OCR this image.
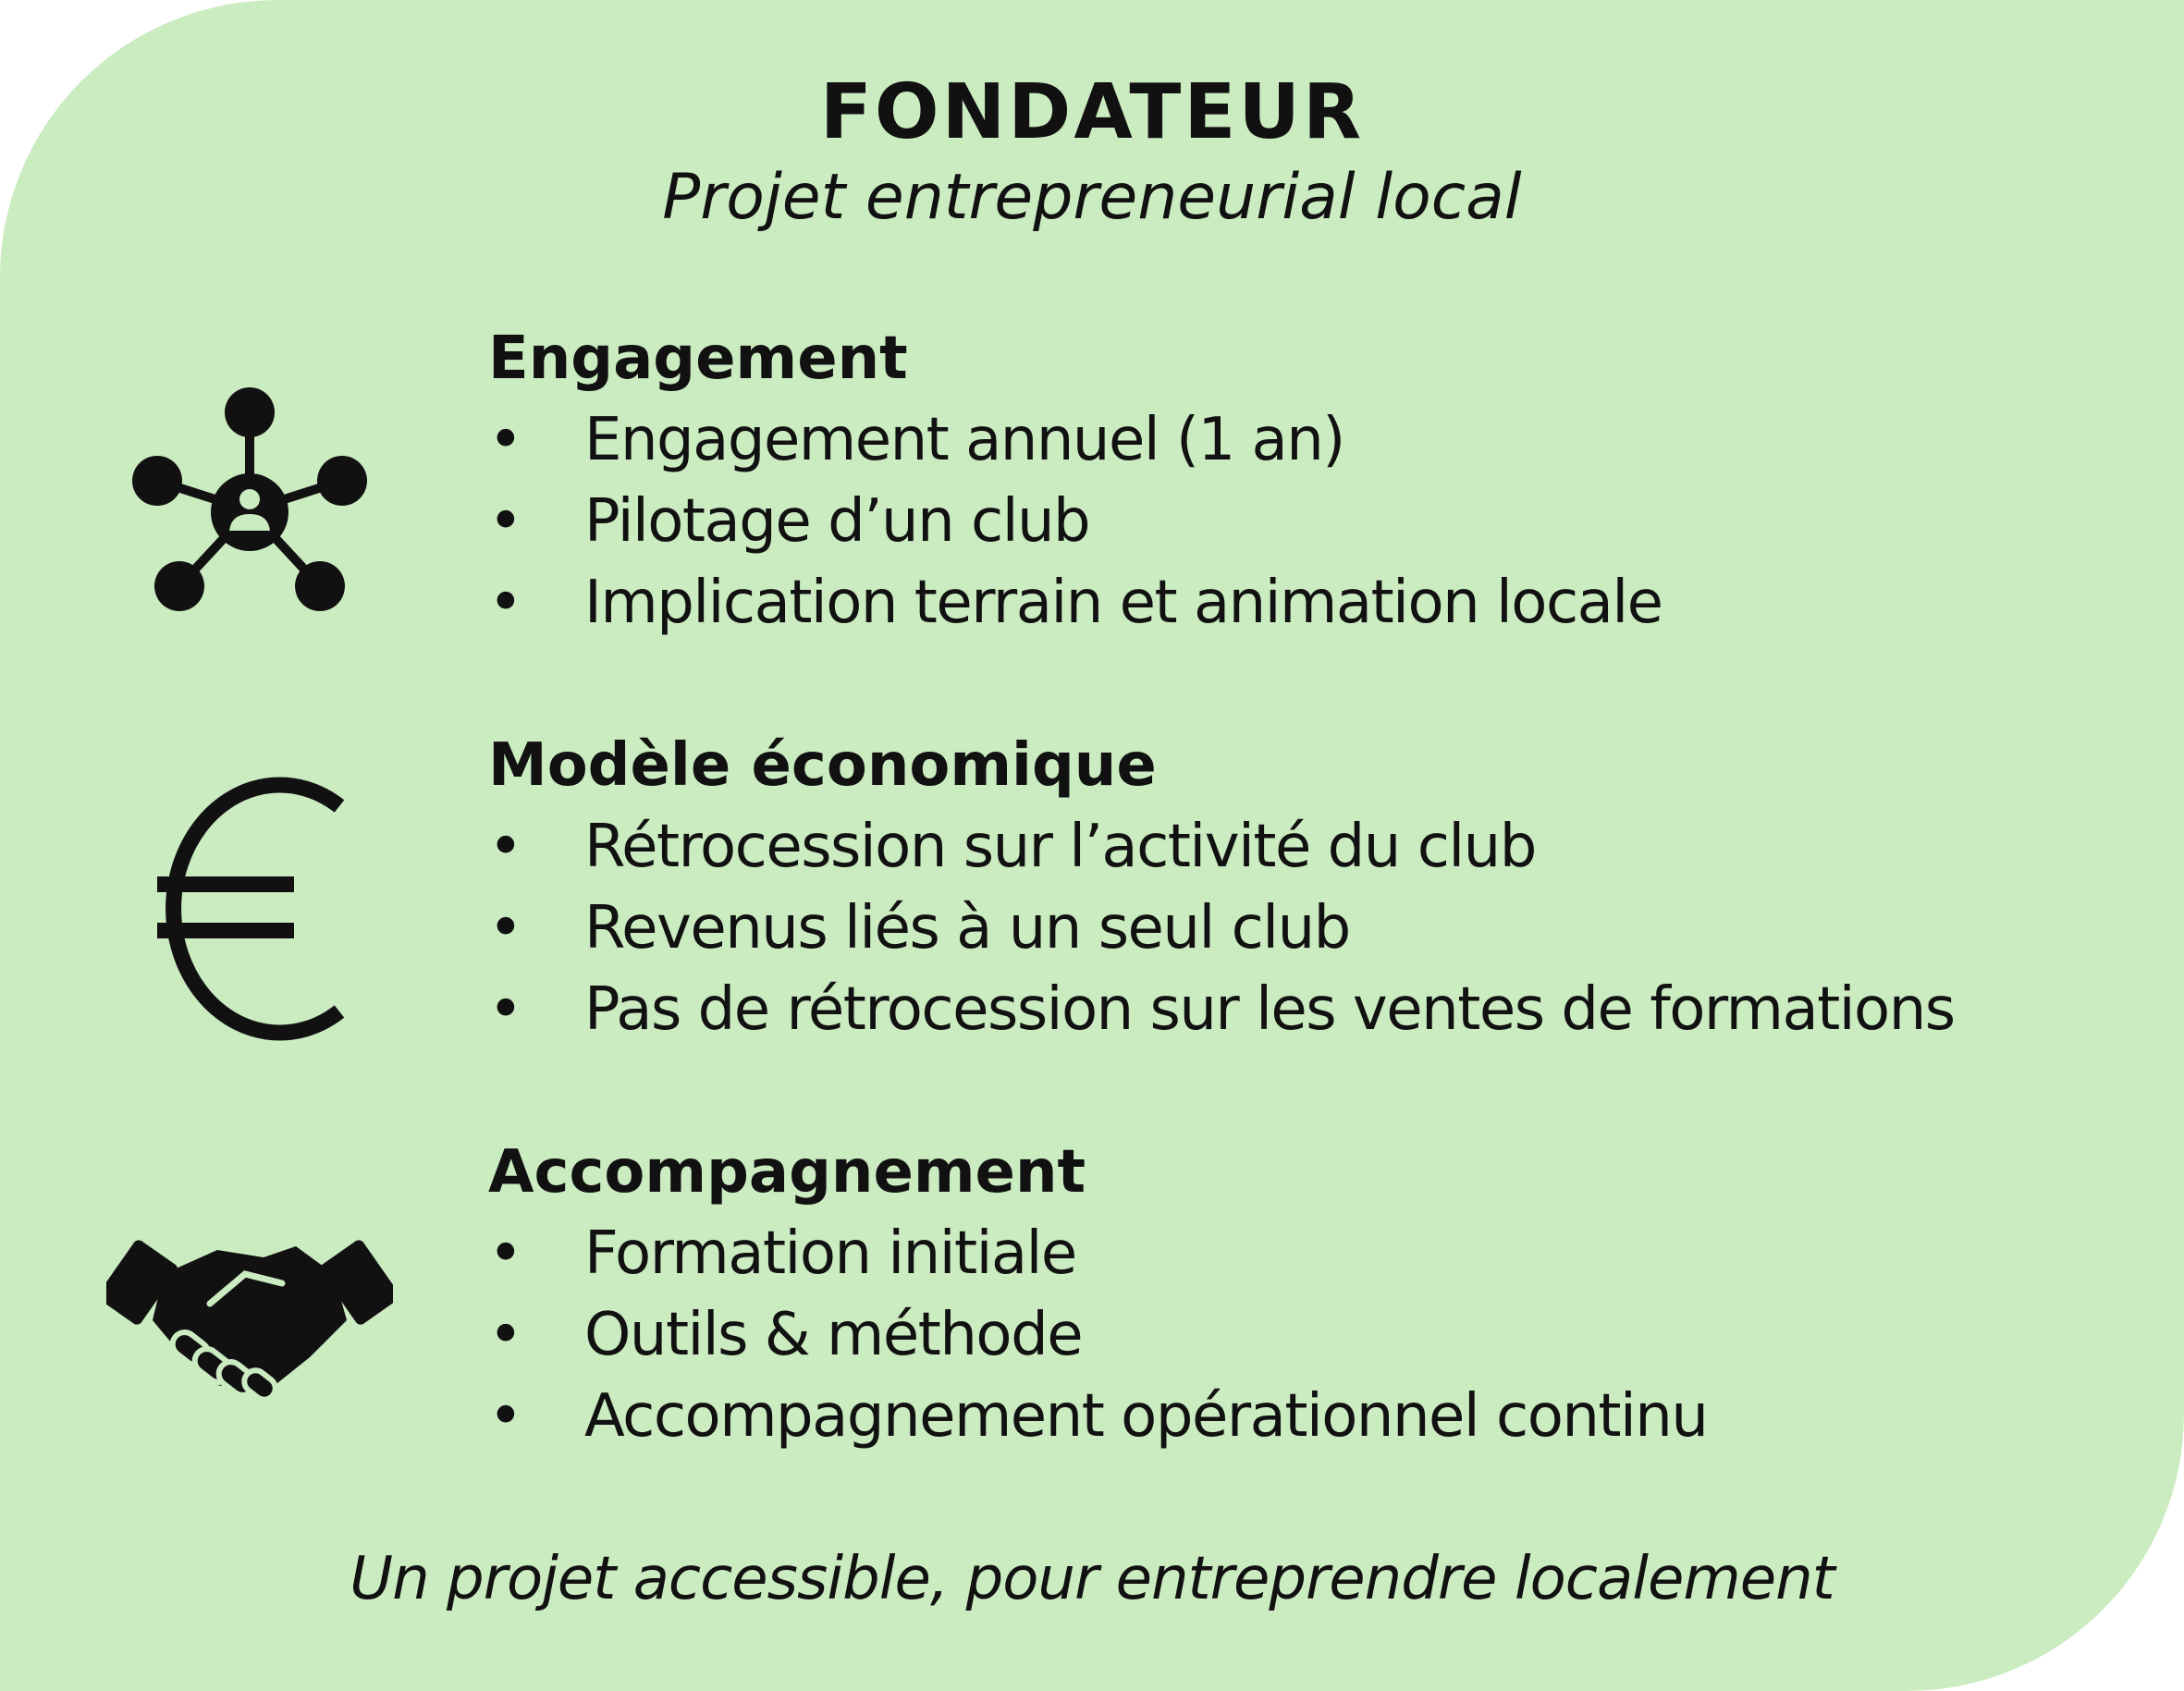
FONDATEUR
Projet entrepreneurial local
Engagement
• Engagement annuel (1 an)
• Pilotage d’un club
• Implication terrain et animation locale
Modèle économique
• Rétrocession sur l’activité du club
• Revenus liés à un seul club
• Pas de rétrocession sur les ventes de formations
Accompagnement
• Formation initiale
• Outils & méthode
• Accompagnement opérationnel continu
Un projet accessible, pour entreprendre localement
